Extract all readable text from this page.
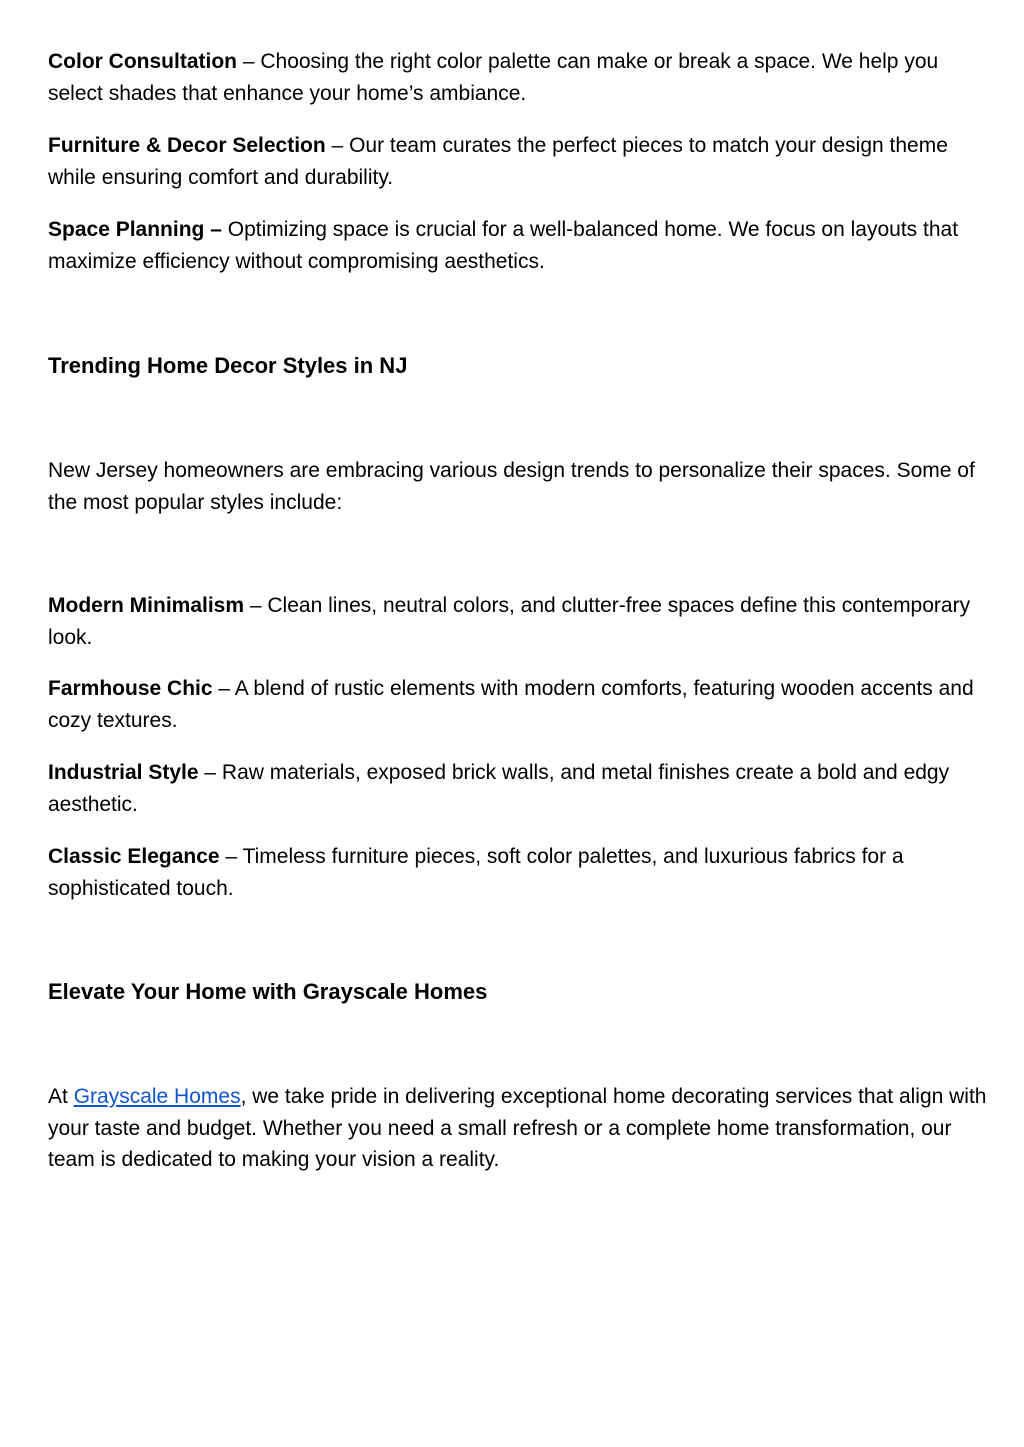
Color Consultation – Choosing the right color palette can make or break a space. We help you select shades that enhance your home’s ambiance.

Furniture & Decor Selection – Our team curates the perfect pieces to match your design theme while ensuring comfort and durability.

Space Planning – Optimizing space is crucial for a well-balanced home. We focus on layouts that maximize efficiency without compromising aesthetics.

Trending Home Decor Styles in NJ

New Jersey homeowners are embracing various design trends to personalize their spaces. Some of the most popular styles include:

Modern Minimalism – Clean lines, neutral colors, and clutter-free spaces define this contemporary look.

Farmhouse Chic – A blend of rustic elements with modern comforts, featuring wooden accents and cozy textures.

Industrial Style – Raw materials, exposed brick walls, and metal finishes create a bold and edgy aesthetic.

Classic Elegance – Timeless furniture pieces, soft color palettes, and luxurious fabrics for a sophisticated touch.

Elevate Your Home with Grayscale Homes

At Grayscale Homes, we take pride in delivering exceptional home decorating services that align with your taste and budget. Whether you need a small refresh or a complete home transformation, our team is dedicated to making your vision a reality.
